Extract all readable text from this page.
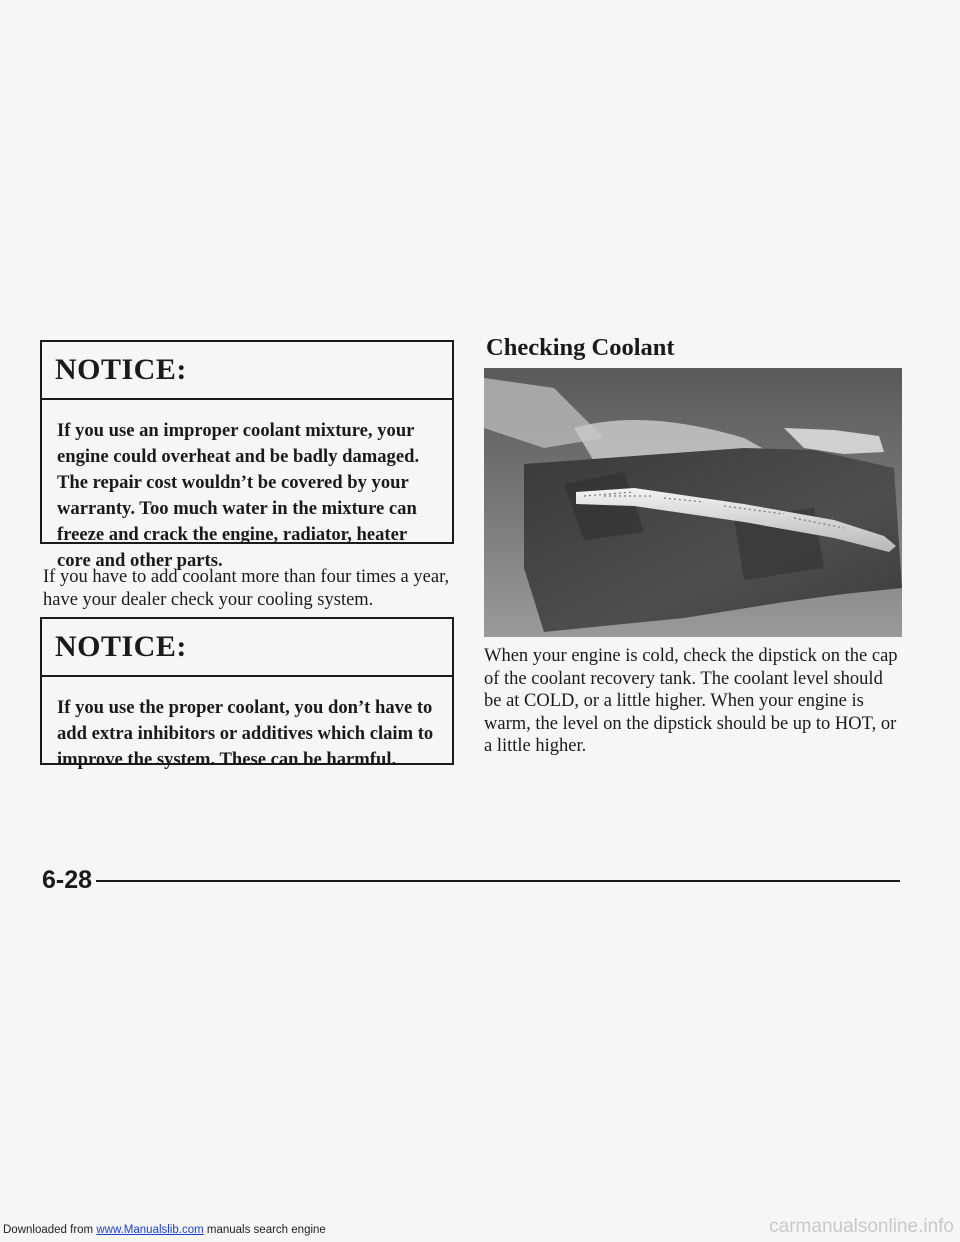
NOTICE:
If you use an improper coolant mixture, your engine could overheat and be badly damaged. The repair cost wouldn’t be covered by your warranty. Too much water in the mixture can freeze and crack the engine, radiator, heater core and other parts.
If you have to add coolant more than four times a year, have your dealer check your cooling system.
NOTICE:
If you use the proper coolant, you don’t have to add extra inhibitors or additives which claim to improve the system. These can be harmful.
Checking Coolant
When your engine is cold, check the dipstick on the cap of the coolant recovery tank. The coolant level should be at COLD, or a little higher. When your engine is warm, the level on the dipstick should be up to HOT, or a little higher.
6-28
Downloaded from www.Manualslib.com manuals search engine	carmanualsonline.info
